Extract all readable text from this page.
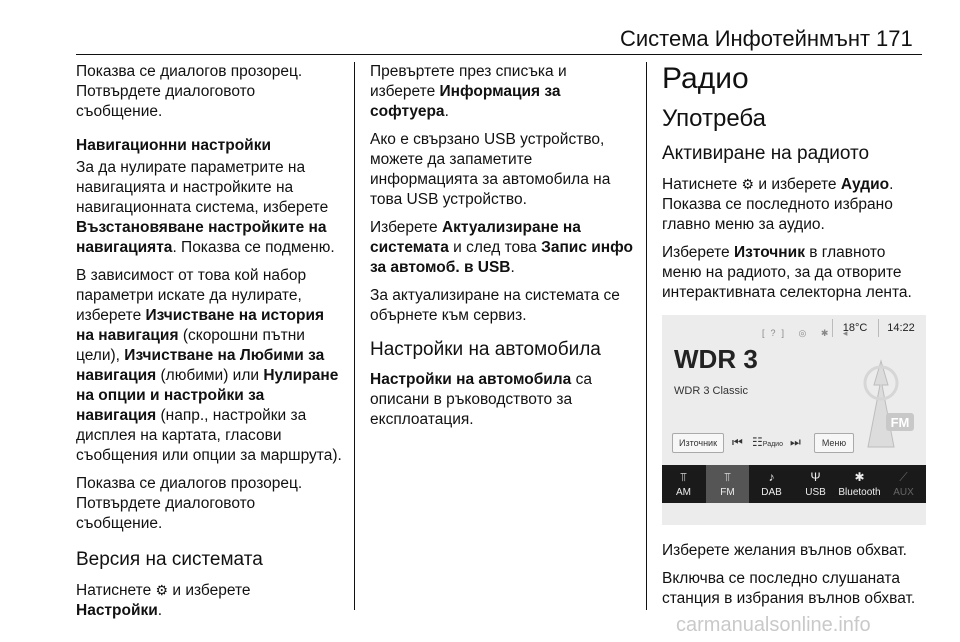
Система Инфотейнмънт 171

Показва се диалогов прозорец. Потвърдете диалоговото съобщение.

Навигационни настройки

За да нулирате параметрите на навигацията и настройките на навигационната система, изберете Възстановяване настройките на навигацията. Показва се подменю.

В зависимост от това кой набор параметри искате да нулирате, изберете Изчистване на история на навигация (скорошни пътни цели), Изчистване на Любими за навигация (любими) или Нулиране на опции и настройки за навигация (напр., настройки за дисплея на картата, гласови съобщения или опции за маршрута).

Показва се диалогов прозорец. Потвърдете диалоговото съобщение.

Версия на системата

Натиснете ⚙ и изберете
Настройки.

Превъртете през списъка и изберете Информация за софтуера.

Ако е свързано USB устройство, можете да запаметите информацията за автомобила на това USB устройство.

Изберете Актуализиране на системата и след това Запис инфо за автомоб. в USB.

За актуализиране на системата се обърнете към сервиз.

Настройки на автомобила

Настройки на автомобила са описани в ръководството за експлоатация.

Радио

Употреба

Активиране на радиото

Натиснете ⚙ и изберете Аудио. Показва се последното избрано главно меню за аудио.

Изберете Източник в главното меню на радиото, за да отворите интерактивната селекторна лента.

[?] ◎ ✱ ◂
18°C	14:22
WDR 3
WDR 3 Classic
FM
Източник	⏮ ☷Радио ⏭	Меню
⫪
AM
⫪
FM
♪
DAB
Ψ
USB
✱
Bluetooth
⟋
AUX

Изберете желания вълнов обхват.

Включва се последно слушаната станция в избрания вълнов обхват.

carmanualsonline.info
